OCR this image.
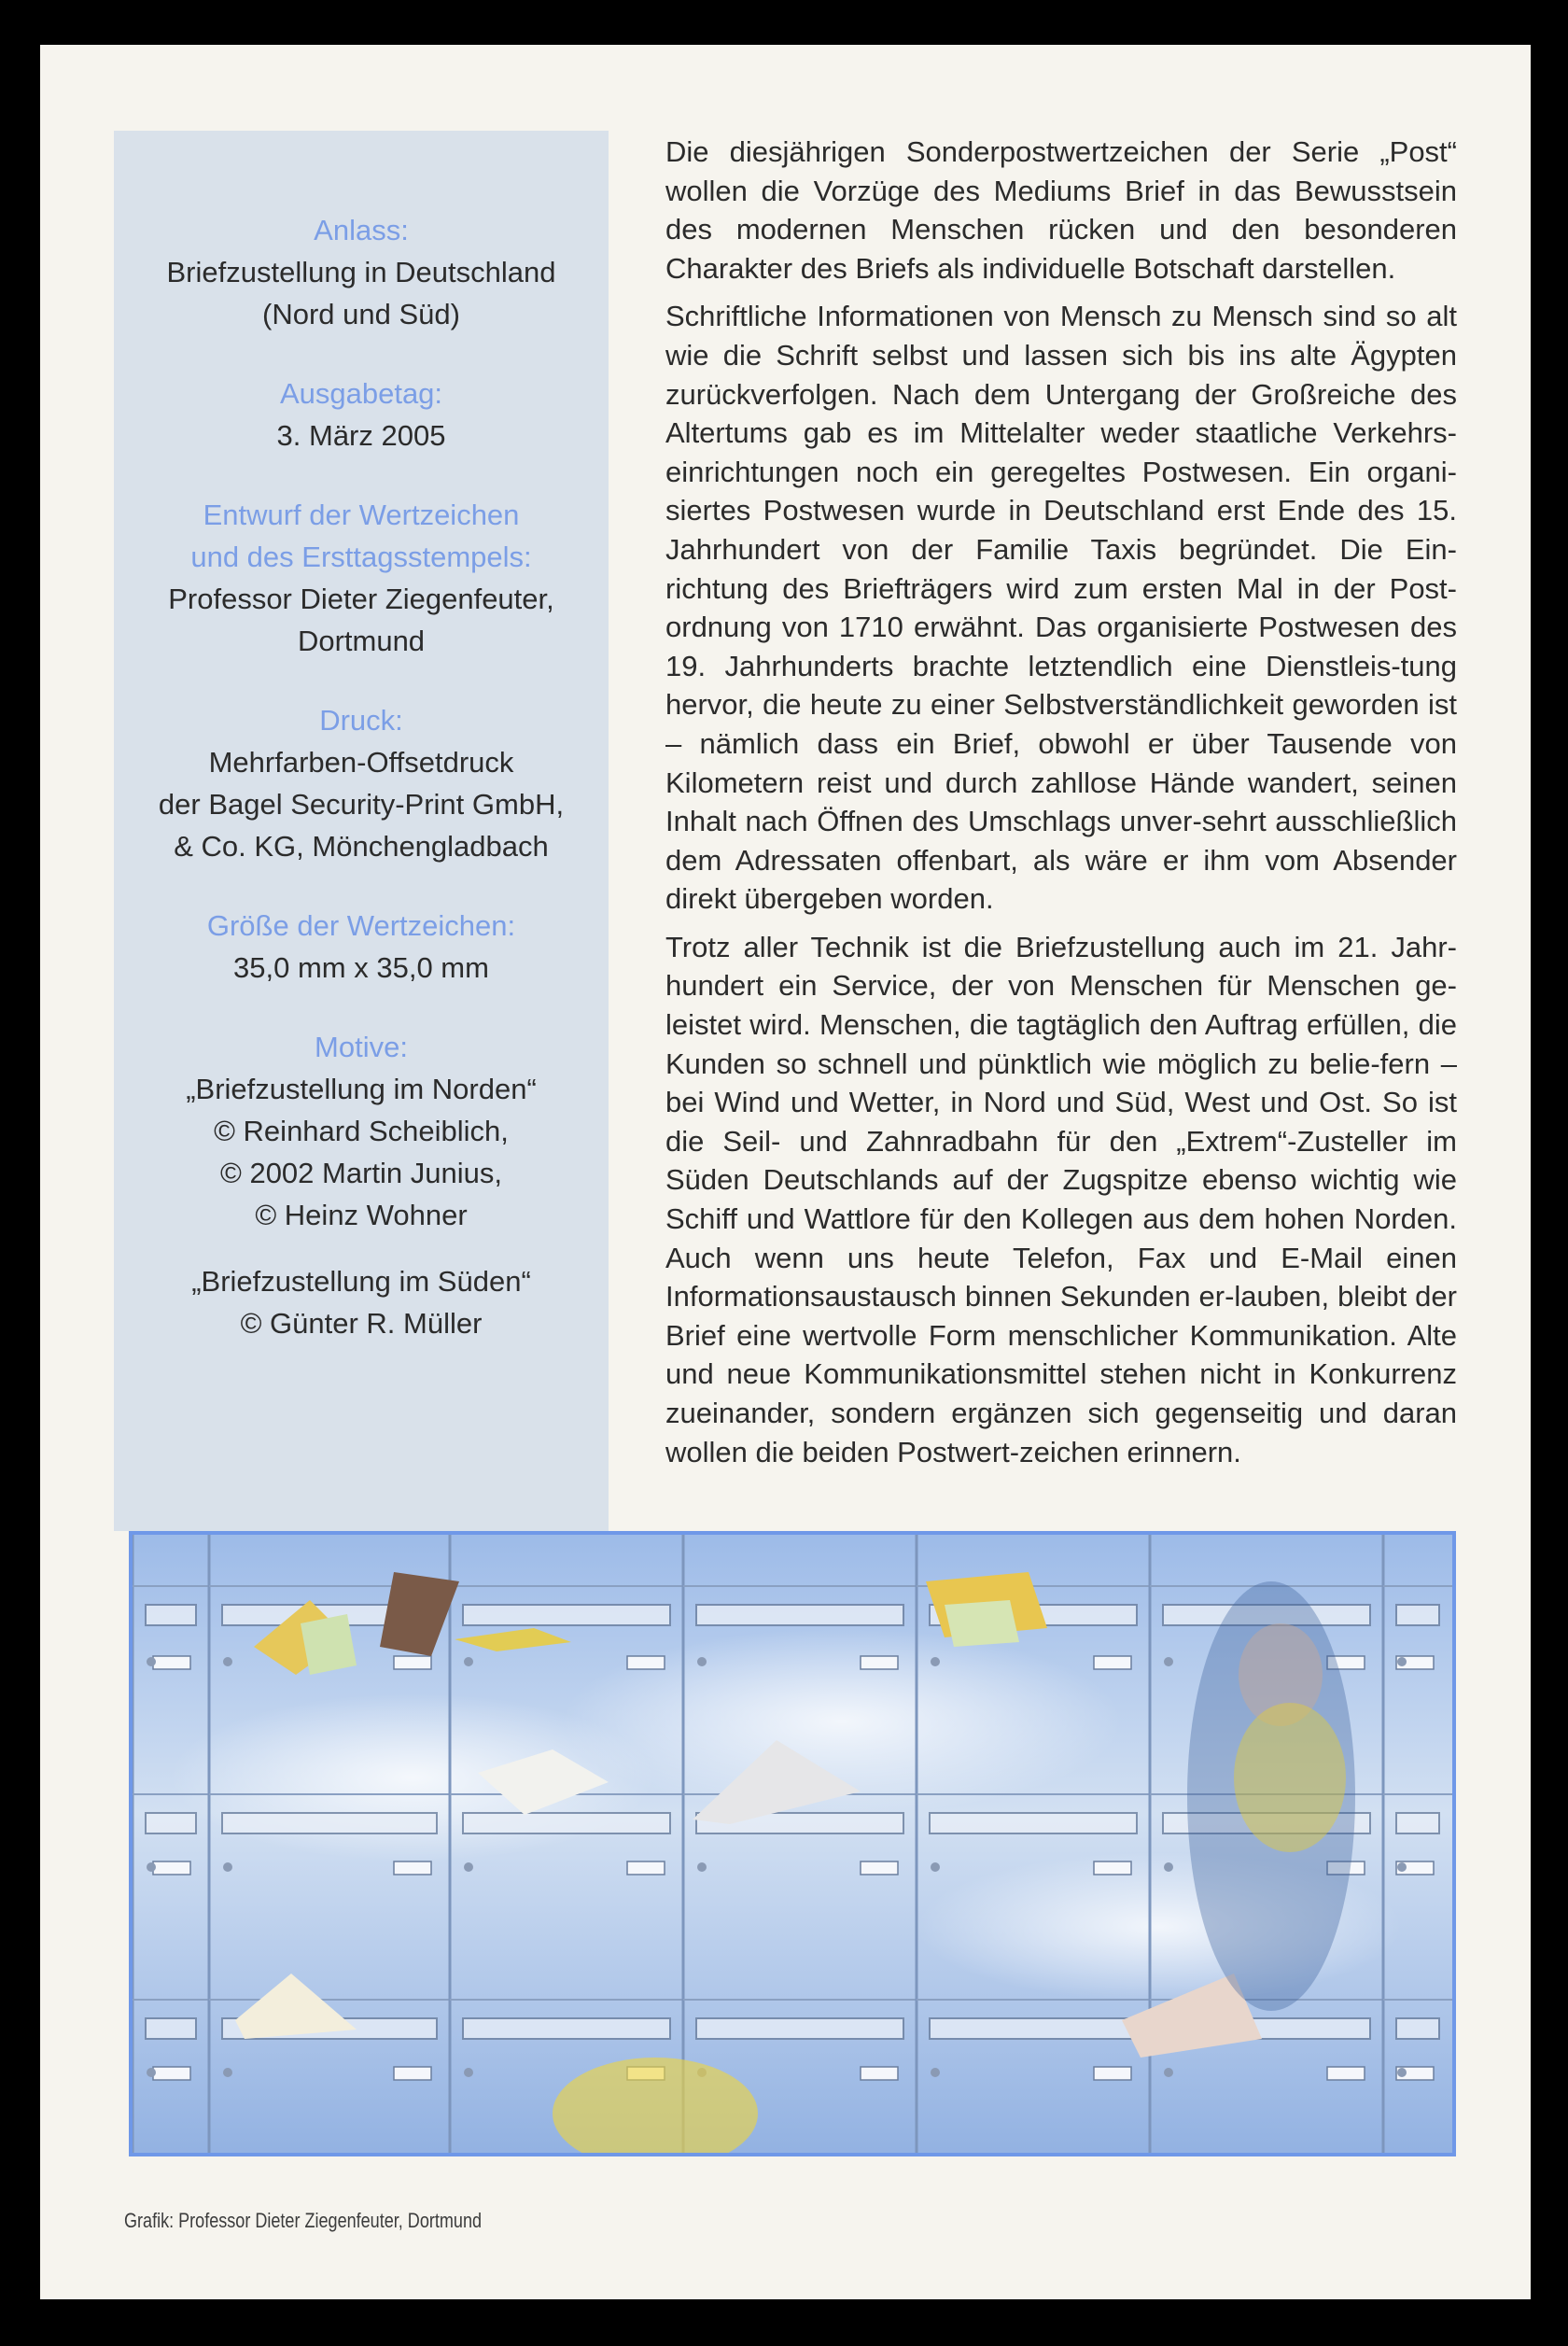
Anlass:
Briefzustellung in Deutschland
(Nord und Süd)
Ausgabetag:
3. März 2005
Entwurf der Wertzeichen
und des Ersttagsstempels:
Professor Dieter Ziegenfeuter,
Dortmund
Druck:
Mehrfarben-Offsetdruck
der Bagel Security-Print GmbH,
& Co. KG, Mönchengladbach
Größe der Wertzeichen:
35,0 mm x 35,0 mm
Motive:
„Briefzustellung im Norden“
© Reinhard Scheiblich,
© 2002 Martin Junius,
© Heinz Wohner
„Briefzustellung im Süden“
© Günter R. Müller

Die diesjährigen Sonderpostwertzeichen der Serie „Post“ wollen die Vorzüge des Mediums Brief in das Bewusstsein des modernen Menschen rücken und den besonderen Charakter des Briefs als individuelle Botschaft darstellen.

Schriftliche Informationen von Mensch zu Mensch sind so alt wie die Schrift selbst und lassen sich bis ins alte Ägypten zurückverfolgen. Nach dem Untergang der Großreiche des Altertums gab es im Mittelalter weder staatliche Verkehrs-einrichtungen noch ein geregeltes Postwesen. Ein organi-siertes Postwesen wurde in Deutschland erst Ende des 15. Jahrhundert von der Familie Taxis begründet. Die Ein-richtung des Briefträgers wird zum ersten Mal in der Post-ordnung von 1710 erwähnt. Das organisierte Postwesen des 19. Jahrhunderts brachte letztendlich eine Dienstleis-tung hervor, die heute zu einer Selbstverständlichkeit geworden ist – nämlich dass ein Brief, obwohl er über Tausende von Kilometern reist und durch zahllose Hände wandert, seinen Inhalt nach Öffnen des Umschlags unver-sehrt ausschließlich dem Adressaten offenbart, als wäre er ihm vom Absender direkt übergeben worden.

Trotz aller Technik ist die Briefzustellung auch im 21. Jahr-hundert ein Service, der von Menschen für Menschen ge-leistet wird. Menschen, die tagtäglich den Auftrag erfüllen, die Kunden so schnell und pünktlich wie möglich zu belie-fern – bei Wind und Wetter, in Nord und Süd, West und Ost. So ist die Seil- und Zahnradbahn für den „Extrem“-Zusteller im Süden Deutschlands auf der Zugspitze ebenso wichtig wie Schiff und Wattlore für den Kollegen aus dem hohen Norden. Auch wenn uns heute Telefon, Fax und E-Mail einen Informationsaustausch binnen Sekunden er-lauben, bleibt der Brief eine wertvolle Form menschlicher Kommunikation. Alte und neue Kommunikationsmittel stehen nicht in Konkurrenz zueinander, sondern ergänzen sich gegenseitig und daran wollen die beiden Postwert-zeichen erinnern.

Grafik: Professor Dieter Ziegenfeuter, Dortmund
